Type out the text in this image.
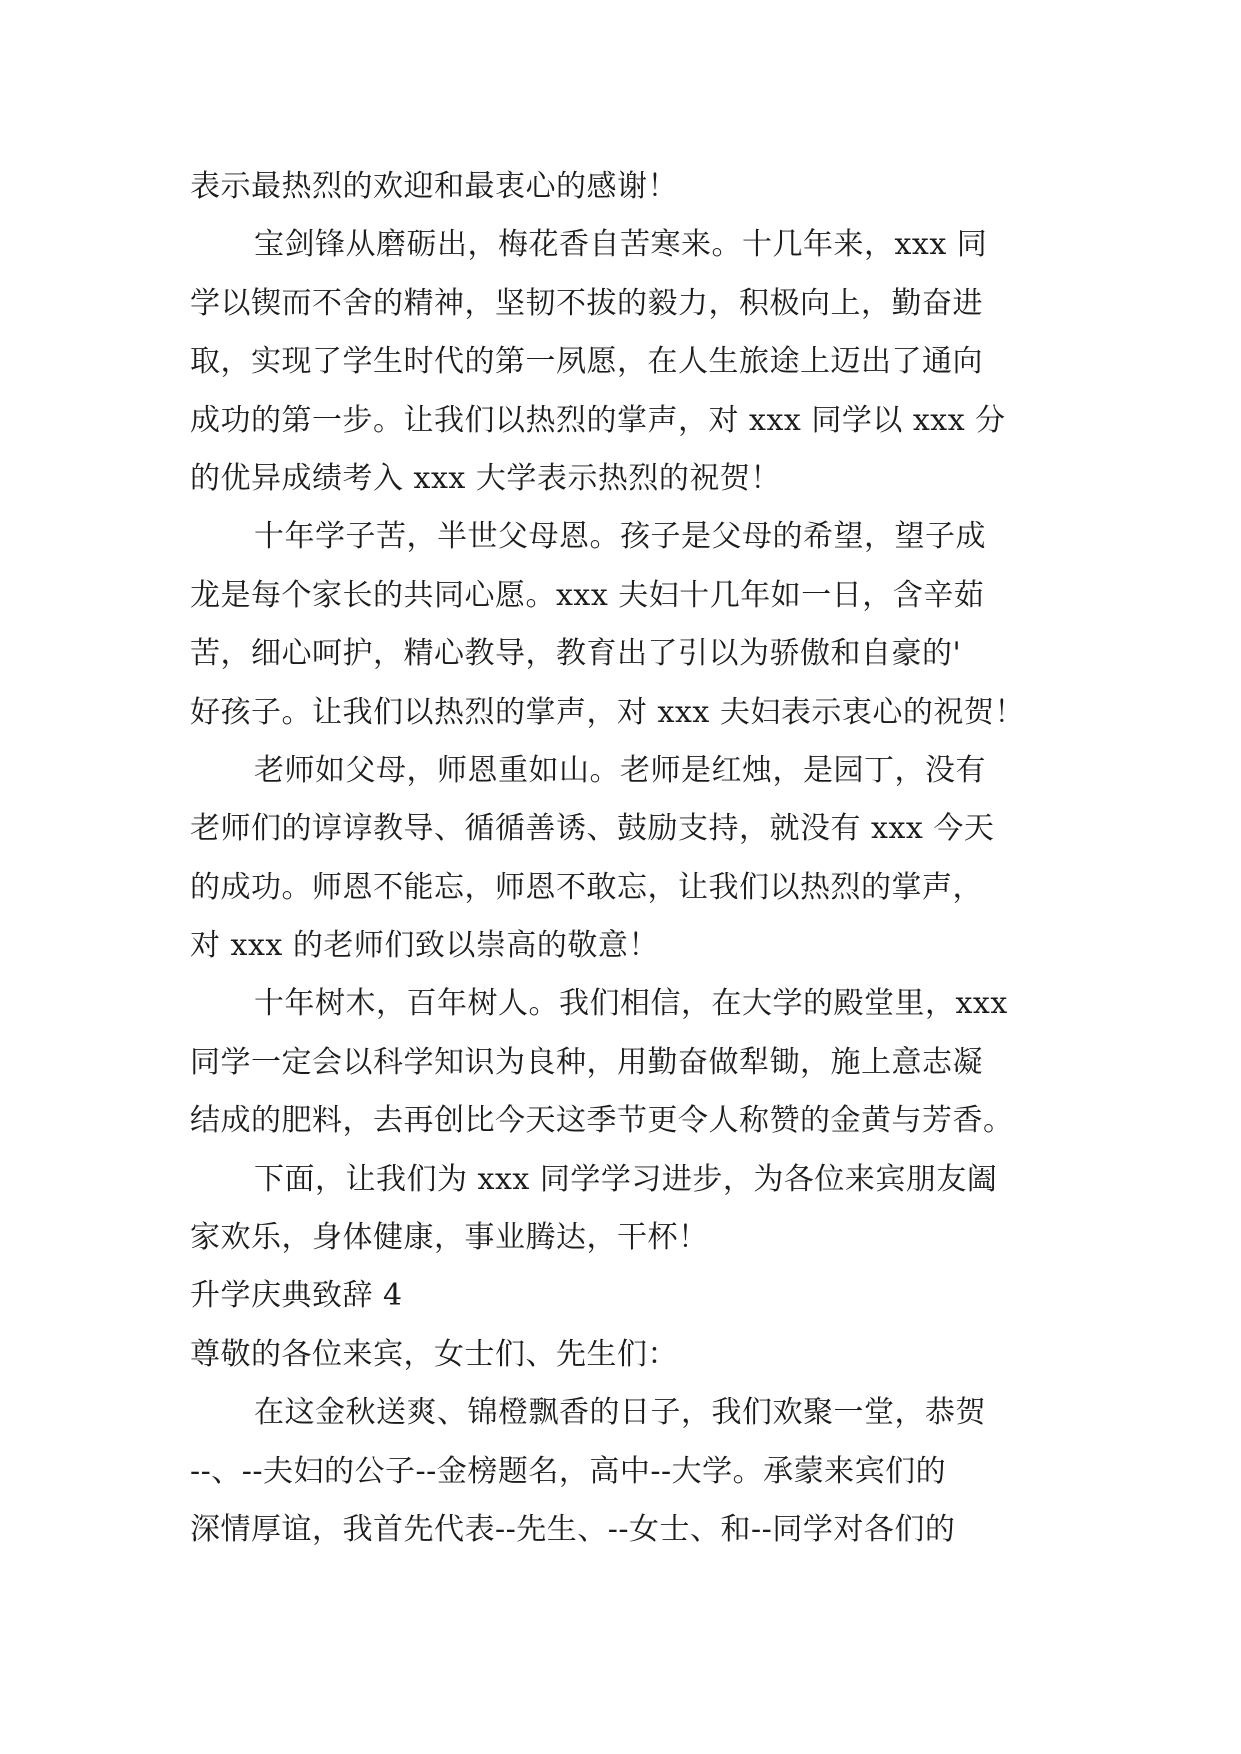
表示最热烈的欢迎和最衷心的感谢！
宝剑锋从磨砺出，梅花香自苦寒来。十几年来，xxx 同
学以锲而不舍的精神，坚韧不拔的毅力，积极向上，勤奋进
取，实现了学生时代的第一夙愿，在人生旅途上迈出了通向
成功的第一步。让我们以热烈的掌声，对 xxx 同学以 xxx 分
的优异成绩考入 xxx 大学表示热烈的祝贺！
十年学子苦，半世父母恩。孩子是父母的希望，望子成
龙是每个家长的共同心愿。xxx 夫妇十几年如一日，含辛茹
苦，细心呵护，精心教导，教育出了引以为骄傲和自豪的'
好孩子。让我们以热烈的掌声，对 xxx 夫妇表示衷心的祝贺！
老师如父母，师恩重如山。老师是红烛，是园丁，没有
老师们的谆谆教导、循循善诱、鼓励支持，就没有 xxx 今天
的成功。师恩不能忘，师恩不敢忘，让我们以热烈的掌声，
对 xxx 的老师们致以崇高的敬意！
十年树木，百年树人。我们相信，在大学的殿堂里，xxx
同学一定会以科学知识为良种，用勤奋做犁锄，施上意志凝
结成的肥料，去再创比今天这季节更令人称赞的金黄与芳香。
下面，让我们为 xxx 同学学习进步，为各位来宾朋友阖
家欢乐，身体健康，事业腾达，干杯！
升学庆典致辞 4
尊敬的各位来宾，女士们、先生们：
在这金秋送爽、锦橙飘香的日子，我们欢聚一堂，恭贺
--、--夫妇的公子--金榜题名，高中--大学。承蒙来宾们的
深情厚谊，我首先代表--先生、--女士、和--同学对各们的
